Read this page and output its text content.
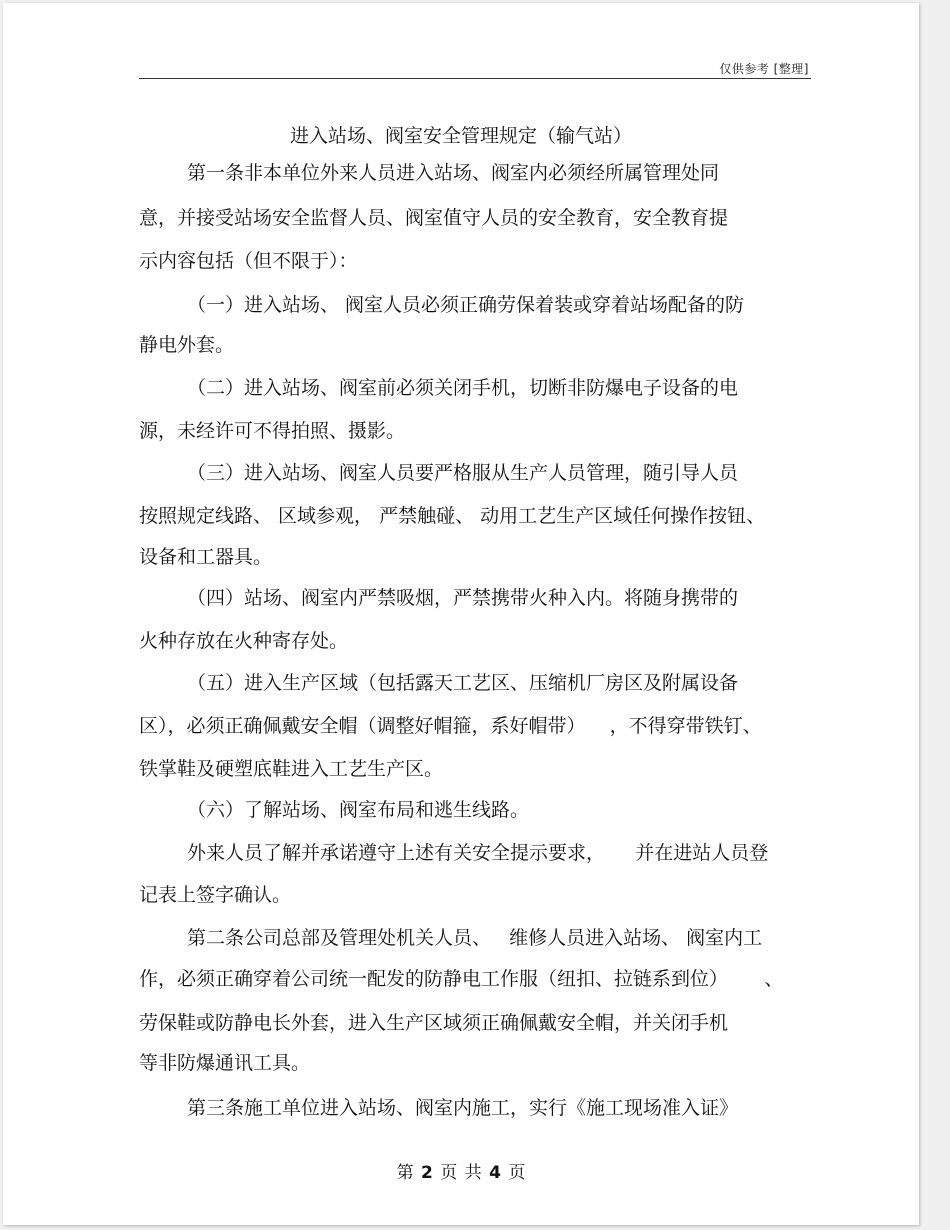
仅供参考 [整理]
进入站场、阀室安全管理规定（输气站）
第一条非本单位外来人员进入站场、阀室内必须经所属管理处同
意，并接受站场安全监督人员、阀室值守人员的安全教育，安全教育提
示内容包括（但不限于）：
（一）进入站场、 阀室人员必须正确劳保着装或穿着站场配备的防
静电外套。
（二）进入站场、阀室前必须关闭手机，切断非防爆电子设备的电
源，未经许可不得拍照、摄影。
（三）进入站场、阀室人员要严格服从生产人员管理，随引导人员
按照规定线路、 区域参观， 严禁触碰、 动用工艺生产区域任何操作按钮、
设备和工器具。
（四）站场、阀室内严禁吸烟，严禁携带火种入内。将随身携带的
火种存放在火种寄存处。
（五）进入生产区域（包括露天工艺区、压缩机厂房区及附属设备
区），必须正确佩戴安全帽（调整好帽箍，系好帽带）    ，不得穿带铁钉、
铁掌鞋及硬塑底鞋进入工艺生产区。
（六）了解站场、阀室布局和逃生线路。
外来人员了解并承诺遵守上述有关安全提示要求，     并在进站人员登
记表上签字确认。
第二条公司总部及管理处机关人员、   维修人员进入站场、 阀室内工
作，必须正确穿着公司统一配发的防静电工作服（纽扣、拉链系到位）      、
劳保鞋或防静电长外套，进入生产区域须正确佩戴安全帽，并关闭手机
等非防爆通讯工具。
第三条施工单位进入站场、阀室内施工，实行《施工现场准入证》
第 2 页 共 4 页
